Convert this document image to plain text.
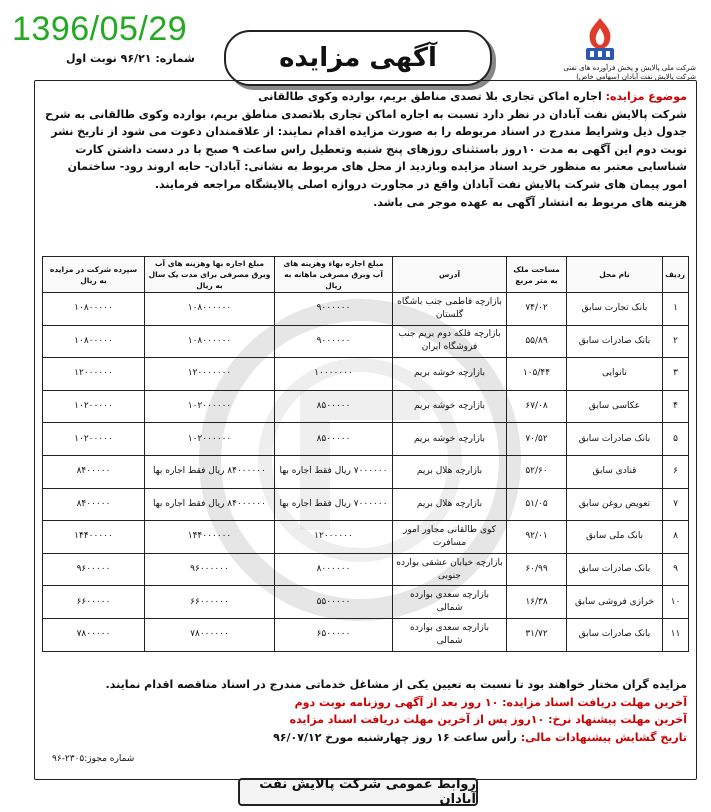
1396/05/29
شماره: ۹۶/۲۱ نوبت اول	آگهی مزایده	شرکت ملی پالایش و پخش فرآورده های نفتی شرکت پالایش نفت آبادان (سهامی خاص)

موضوع مزایده: اجاره اماکن تجاری بلا تصدی مناطق بریم، بوارده وکوی طالقانی

شرکت پالایش نفت آبادان در نظر دارد تسبت به اجاره اماکن تجاری بلاتصدی مناطق بریم، بوارده وکوی طالقانی به شرح جدول ذیل وشرایط مندرج در اسناد مربوطه را به صورت مزایده اقدام نمایند: از علاقمندان دعوت می شود از تاریخ نشر توبت دوم این آگهی به مدت ۱۰روز باستثنای روزهای پنج شنبه وتعطیل راس ساعت ۹ صبح با در دست داشتن کارت شناسایی معتبر به منظور خرید اسناد مزایده وبازدید از محل های مربوط به نشانی: آبادان- حایه اروند رود- ساختمان امور پیمان های شرکت پالایش نفت آبادان واقع در مجاورت دروازه اصلی پالایشگاه مراجعه فرمایند.

هزینه های مربوط به انتشار آگهی به عهده موجر می باشد.

ردیف	نام محل	مساحت ملک به متر مربع	آدرس	مبلغ اجاره بهاء وهزینه های آب وبرق مصرفی ماهانه به ریال	مبلغ اجاره بها وهزینه های آب وبرق مصرفی برای مدت یک سال به ریال	سپرده شرکت در مزایده به ریال
۱	بانک تجارت سابق	۷۴/۰۲	بازارچه فاطمی جنب باشگاه گلستان	۹۰۰۰۰۰۰	۱۰۸۰۰۰۰۰۰	۱۰۸۰۰۰۰۰
۲	بانک صادرات سابق	۵۵/۸۹	بازارچه فلکه دوم بریم جنب فروشگاه ایران	۹۰۰۰۰۰۰	۱۰۸۰۰۰۰۰۰	۱۰۸۰۰۰۰۰
۳	نانوایی	۱۰۵/۴۴	بازارچه خوشه بریم	۱۰۰۰۰۰۰۰	۱۲۰۰۰۰۰۰۰	۱۲۰۰۰۰۰۰
۴	عکاسی سابق	۶۷/۰۸	بازارچه خوشه بریم	۸۵۰۰۰۰۰	۱۰۲۰۰۰۰۰۰	۱۰۲۰۰۰۰۰
۵	بانک صادرات سابق	۷۰/۵۲	بازارچه خوشه بریم	۸۵۰۰۰۰۰	۱۰۲۰۰۰۰۰۰	۱۰۲۰۰۰۰۰
۶	قنادی سابق	۵۲/۶۰	بازارچه هلال بریم	۷۰۰۰۰۰۰ ریال فقط اجاره بها	۸۴۰۰۰۰۰۰ ریال فقط اجاره بها	۸۴۰۰۰۰۰
۷	تعویض روغن سابق	۵۱/۰۵	بازارچه هلال بریم	۷۰۰۰۰۰۰ ریال فقط اجاره بها	۸۴۰۰۰۰۰۰ ریال فقط اجاره بها	۸۴۰۰۰۰۰
۸	بانک ملی سابق	۹۲/۰۱	کوی طالقانی مجاور امور مسافرت	۱۲۰۰۰۰۰۰	۱۴۴۰۰۰۰۰۰	۱۴۴۰۰۰۰۰
۹	بانک صادرات سابق	۶۰/۹۹	بازارچه خیابان عشقی بوارده جنوبی	۸۰۰۰۰۰۰	۹۶۰۰۰۰۰۰	۹۶۰۰۰۰۰
۱۰	خرازی فروشی سابق	۱۶/۳۸	بازارچه سعدی بوارده شمالی	۵۵۰۰۰۰۰	۶۶۰۰۰۰۰۰	۶۶۰۰۰۰۰
۱۱	بانک صادرات سابق	۳۱/۷۲	بازارچه سعدی بوارده شمالی	۶۵۰۰۰۰۰	۷۸۰۰۰۰۰۰	۷۸۰۰۰۰۰

مزایده گران مختار خواهند بود تا نسبت به تعیین یکی از مشاغل خدماتی مندرج در اسناد مناقصه اقدام نمایند.

آخرین مهلت دریافت اسناد مزایده: ۱۰ روز بعد از آگهی روزنامه نوبت دوم

آخرین مهلت پیشنهاد نرخ: ۱۰روز پس از آخرین مهلت دریافت اسناد مزایده

تاریخ گشایش پیشنهادات مالی: رأس ساعت ۱۶ روز چهارشنبه مورخ ۹۶/۰۷/۱۲

شماره مجوز:۲۳۰۵-۹۶
روابط عمومی شرکت پالایش نفت آبادان
